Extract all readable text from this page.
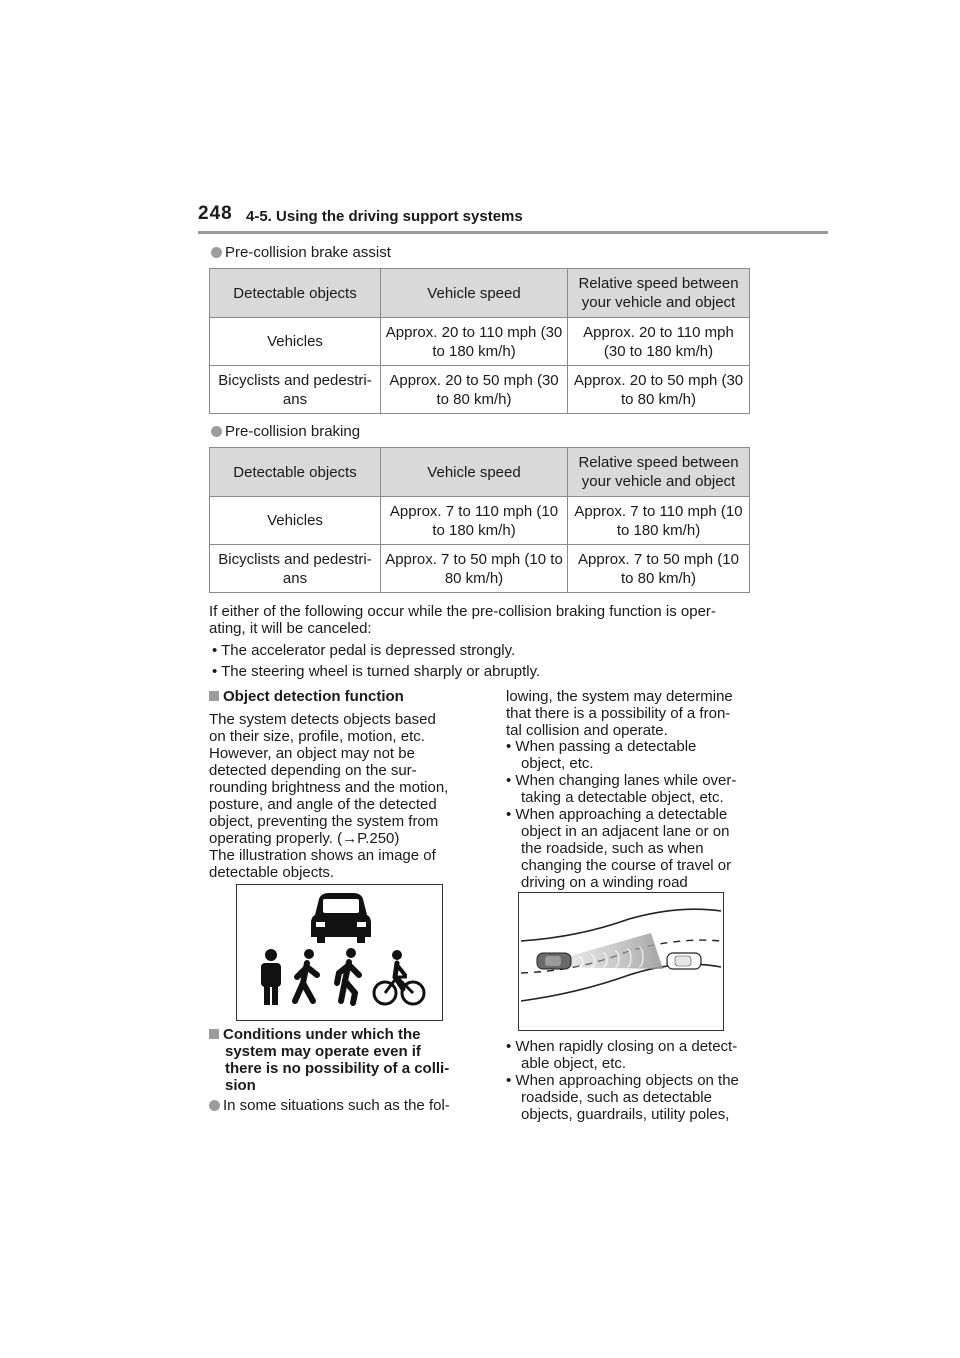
248 4-5. Using the driving support systems
Pre-collision brake assist
Detectable objects	Vehicle speed	Relative speed between your vehicle and object
Vehicles	Approx. 20 to 110 mph (30 to 180 km/h)	Approx. 20 to 110 mph (30 to 180 km/h)
Bicyclists and pedestri-ans	Approx. 20 to 50 mph (30 to 80 km/h)	Approx. 20 to 50 mph (30 to 80 km/h)
Pre-collision braking
Detectable objects	Vehicle speed	Relative speed between your vehicle and object
Vehicles	Approx. 7 to 110 mph (10 to 180 km/h)	Approx. 7 to 110 mph (10 to 180 km/h)
Bicyclists and pedestri-ans	Approx. 7 to 50 mph (10 to 80 km/h)	Approx. 7 to 50 mph (10 to 80 km/h)
If either of the following occur while the pre-collision braking function is oper-
ating, it will be canceled:
• The accelerator pedal is depressed strongly.
• The steering wheel is turned sharply or abruptly.
Object detection function
The system detects objects based
on their size, profile, motion, etc.
However, an object may not be
detected depending on the sur-
rounding brightness and the motion,
posture, and angle of the detected
object, preventing the system from
operating properly. (→P.250)
The illustration shows an image of
detectable objects.
Conditions under which the
system may operate even if
there is no possibility of a colli-
sion
In some situations such as the fol-
lowing, the system may determine
that there is a possibility of a fron-
tal collision and operate.
• When passing a detectable
object, etc.
• When changing lanes while over-
taking a detectable object, etc.
• When approaching a detectable
object in an adjacent lane or on
the roadside, such as when
changing the course of travel or
driving on a winding road
• When rapidly closing on a detect-
able object, etc.
• When approaching objects on the
roadside, such as detectable
objects, guardrails, utility poles,
